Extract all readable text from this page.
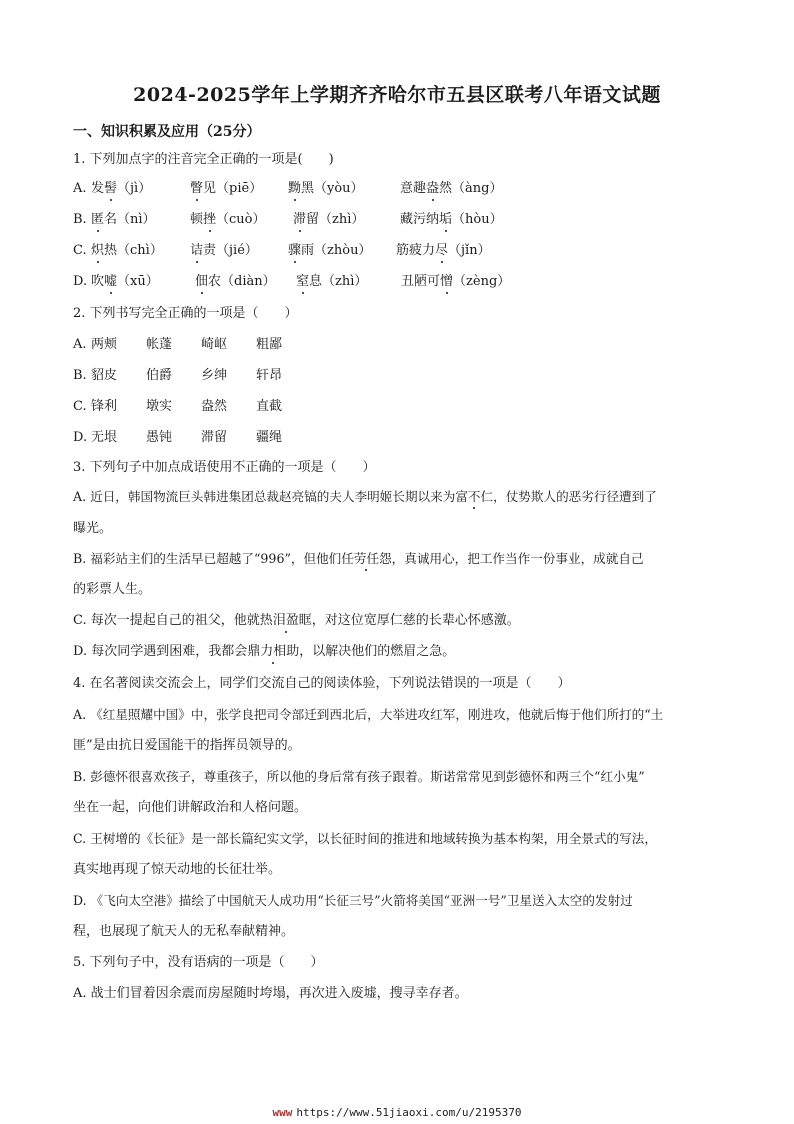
2024-2025学年上学期齐齐哈尔市五县区联考八年语文试题
一、知识积累及应用（25分）
1. 下列加点字的注音完全正确的一项是(　　)
A. 发髻（jì）	瞥见（piē） 黝黑（yòu）	意趣盎然（àng）
B. 匿名（nì）	顿挫（cuò） 滞留（zhì）	藏污纳垢（hòu）
C. 炽热（chì） 诘责（jié） 骤雨（zhòu） 筋疲力尽（jǐn）
D. 吹嘘（xū）	佃农（diàn） 窒息（zhì）	丑陋可憎（zèng）
2. 下列书写完全正确的一项是（　　）
A. 两颊 帐蓬 崎岖 粗鄙
B. 貂皮 伯爵 乡绅 轩昂
C. 锋利 墩实 盎然 直截
D. 无垠 愚钝 滞留 疆绳
3. 下列句子中加点成语使用不正确的一项是（　　）
A. 近日，韩国物流巨头韩进集团总裁赵亮镐的夫人李明姬长期以来为富不仁，仗势欺人的恶劣行径遭到了
曝光。
B. 福彩站主们的生活早已超越了“996”，但他们任劳任怨，真诚用心，把工作当作一份事业，成就自己
的彩票人生。
C. 每次一提起自己的祖父，他就热泪盈眶，对这位宽厚仁慈的长辈心怀感激。
D. 每次同学遇到困难，我都会鼎力相助，以解决他们的燃眉之急。
4. 在名著阅读交流会上，同学们交流自己的阅读体验，下列说法错误的一项是（　　）
A. 《红星照耀中国》中，张学良把司令部迁到西北后，大举进攻红军，刚进攻，他就后悔于他们所打的“土
匪”是由抗日爱国能干的指挥员领导的。
B. 彭德怀很喜欢孩子，尊重孩子，所以他的身后常有孩子跟着。斯诺常常见到彭德怀和两三个“红小鬼”
坐在一起，向他们讲解政治和人格问题。
C. 王树增的《长征》是一部长篇纪实文学，以长征时间的推进和地域转换为基本构架，用全景式的写法，
真实地再现了惊天动地的长征壮举。
D. 《飞向太空港》描绘了中国航天人成功用“长征三号”火箭将美国“亚洲一号”卫星送入太空的发射过
程，也展现了航天人的无私奉献精神。
5. 下列句子中，没有语病的一项是（　　）
A. 战士们冒着因余震而房屋随时垮塌，再次进入废墟，搜寻幸存者。
www https://www.51jiaoxi.com/u/2195370
